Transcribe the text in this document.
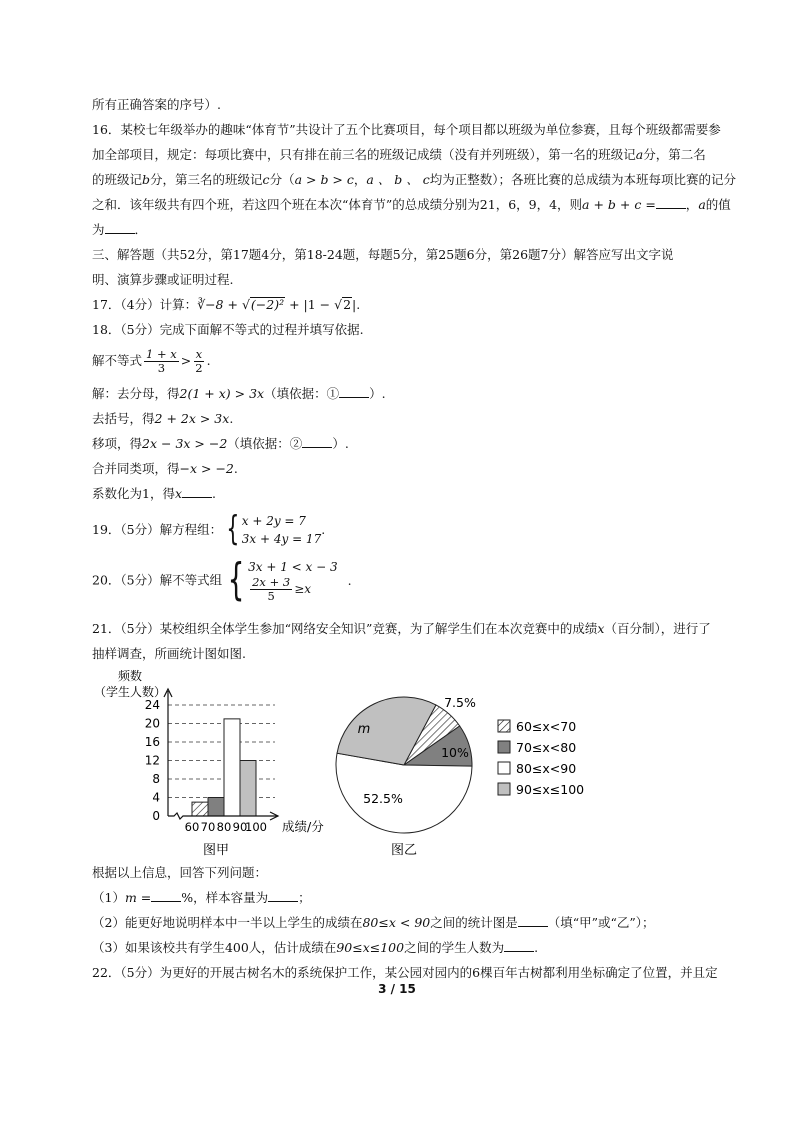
所有正确答案的序号）.
16．某校七年级举办的趣味“体育节”共设计了五个比赛项目，每个项目都以班级为单位参赛，且每个班级都需要参
加全部项目，规定：每项比赛中，只有排在前三名的班级记成绩（没有并列班级），第一名的班级记a分，第二名
的班级记b分，第三名的班级记c分（a > b > c，a 、 b 、 c均为正整数）；各班比赛的总成绩为本班每项比赛的记分
之和．该年级共有四个班，若这四个班在本次“体育节”的总成绩分别为21，6，9，4，则a + b + c = ，a的值
为 ．
三、解答题（共52分，第17题4分，第18-24题，每题5分，第25题6分，第26题7分）解答应写出文字说
明、演算步骤或证明过程.
17．（4分）计算：∛−8 + √(−2)² + |1 − √2|.
18．（5分）完成下面解不等式的过程并填写依据.
解不等式 $\frac{1 + x}{3} > \frac{x}{2}$ .
解：去分母，得2(1 + x) > 3x（填依据：① ）.
去括号，得2 + 2x > 3x.
移项，得2x − 3x > −2（填依据：② ）.
合并同类项，得−x > −2.
系数化为1，得x .
19．（5分）解方程组： { x + 2y = 7
3x + 4y = 17
.
20．（5分）解不等式组 { 3x + 1 < x − 3
$\frac{2x + 3}{5} \ge x$
.
21．（5分）某校组织全体学生参加“网络安全知识”竞赛，为了解学生们在本次竞赛中的成绩x（百分制），进行了
抽样调查，所画统计图如图.
频数
（学生人数）
0
4
8
12
16
20
24
60 70 80 90
100 成绩/分
图甲
7.5%
10%
52.5%
m
图乙
60≤x<70
70≤x<80
80≤x<90
90≤x≤100
根据以上信息，回答下列问题：
（1）m = %，样本容量为 ；
（2）能更好地说明样本中一半以上学生的成绩在80≤x < 90之间的统计图是 （填“甲”或“乙”）；
（3）如果该校共有学生400人，估计成绩在90≤x≤100之间的学生人数为 .
22．（5分）为更好的开展古树名木的系统保护工作，某公园对园内的6棵百年古树都利用坐标确定了位置，并且定
3 / 15
